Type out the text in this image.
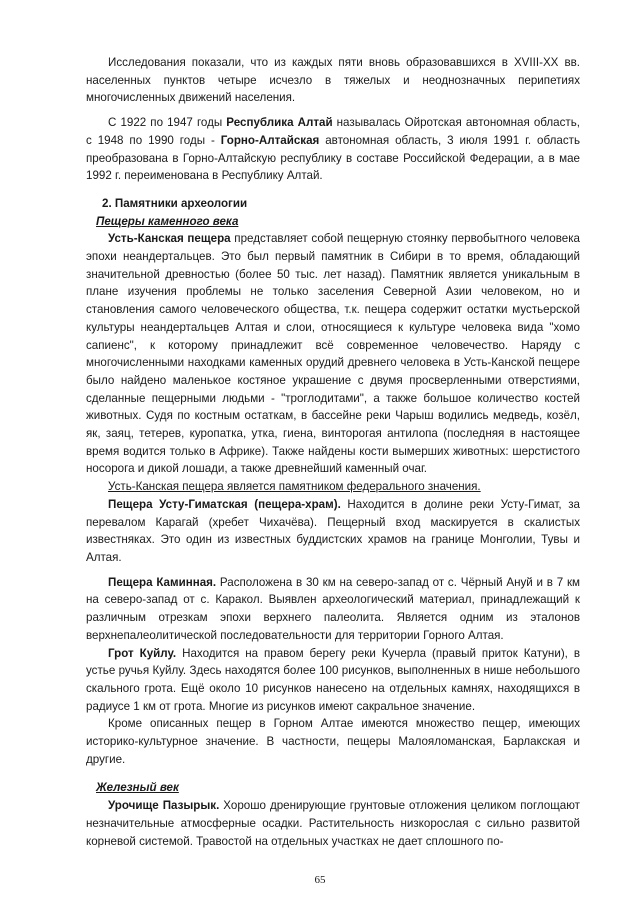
Исследования показали, что из каждых пяти вновь образовавшихся в XVIII-XX вв. населенных пунктов четыре исчезло в тяжелых и неоднозначных перипетиях многочисленных движений населения.

С 1922 по 1947 годы Республика Алтай называлась Ойротская автономная область, с 1948 по 1990 годы - Горно-Алтайская автономная область, 3 июля 1991 г. область преобразована в Горно-Алтайскую республику в составе Российской Федерации, а в мае 1992 г. переименована в Республику Алтай.

2. Памятники археологии
Пещеры каменного века

Усть-Канская пещера представляет собой пещерную стоянку первобытного человека эпохи неандертальцев. Это был первый памятник в Сибири в то время, обладающий значительной древностью (более 50 тыс. лет назад). Памятник является уникальным в плане изучения проблемы не только заселения Северной Азии человеком, но и становления самого человеческого общества, т.к. пещера содержит остатки мустьерской культуры неандертальцев Алтая и слои, относящиеся к культуре человека вида "хомо сапиенс", к которому принадлежит всё современное человечество. Наряду с многочисленными находками каменных орудий древнего человека в Усть-Канской пещере было найдено маленькое костяное украшение с двумя просверленными отверстиями, сделанные пещерными людьми - "троглодитами", а также большое количество костей животных. Судя по костным остаткам, в бассейне реки Чарыш водились медведь, козёл, як, заяц, тетерев, куропатка, утка, гиена, винторогая антилопа (последняя в настоящее время водится только в Африке). Также найдены кости вымерших животных: шерстистого носорога и дикой лошади, а также древнейший каменный очаг.

Усть-Канская пещера является памятником федерального значения.

Пещера Усту-Гиматская (пещера-храм). Находится в долине реки Усту-Гимат, за перевалом Карагай (хребет Чихачёва). Пещерный вход маскируется в скалистых известняках. Это один из известных буддистских храмов на границе Монголии, Тувы и Алтая.

Пещера Каминная. Расположена в 30 км на северо-запад от с. Чёрный Ануй и в 7 км на северо-запад от с. Каракол. Выявлен археологический материал, принадлежащий к различным отрезкам эпохи верхнего палеолита. Является одним из эталонов верхнепалеолитической последовательности для территории Горного Алтая.

Грот Куйлу. Находится на правом берегу реки Кучерла (правый приток Катуни), в устье ручья Куйлу. Здесь находятся более 100 рисунков, выполненных в нише небольшого скального грота. Ещё около 10 рисунков нанесено на отдельных камнях, находящихся в радиусе 1 км от грота. Многие из рисунков имеют сакральное значение.

Кроме описанных пещер в Горном Алтае имеются множество пещер, имеющих историко-культурное значение. В частности, пещеры Малояломанская, Барлакская и другие.

Железный век

Урочище Пазырык. Хорошо дренирующие грунтовые отложения целиком поглощают незначительные атмосферные осадки. Растительность низкорослая с сильно развитой корневой системой. Травостой на отдельных участках не дает сплошного по-

65
